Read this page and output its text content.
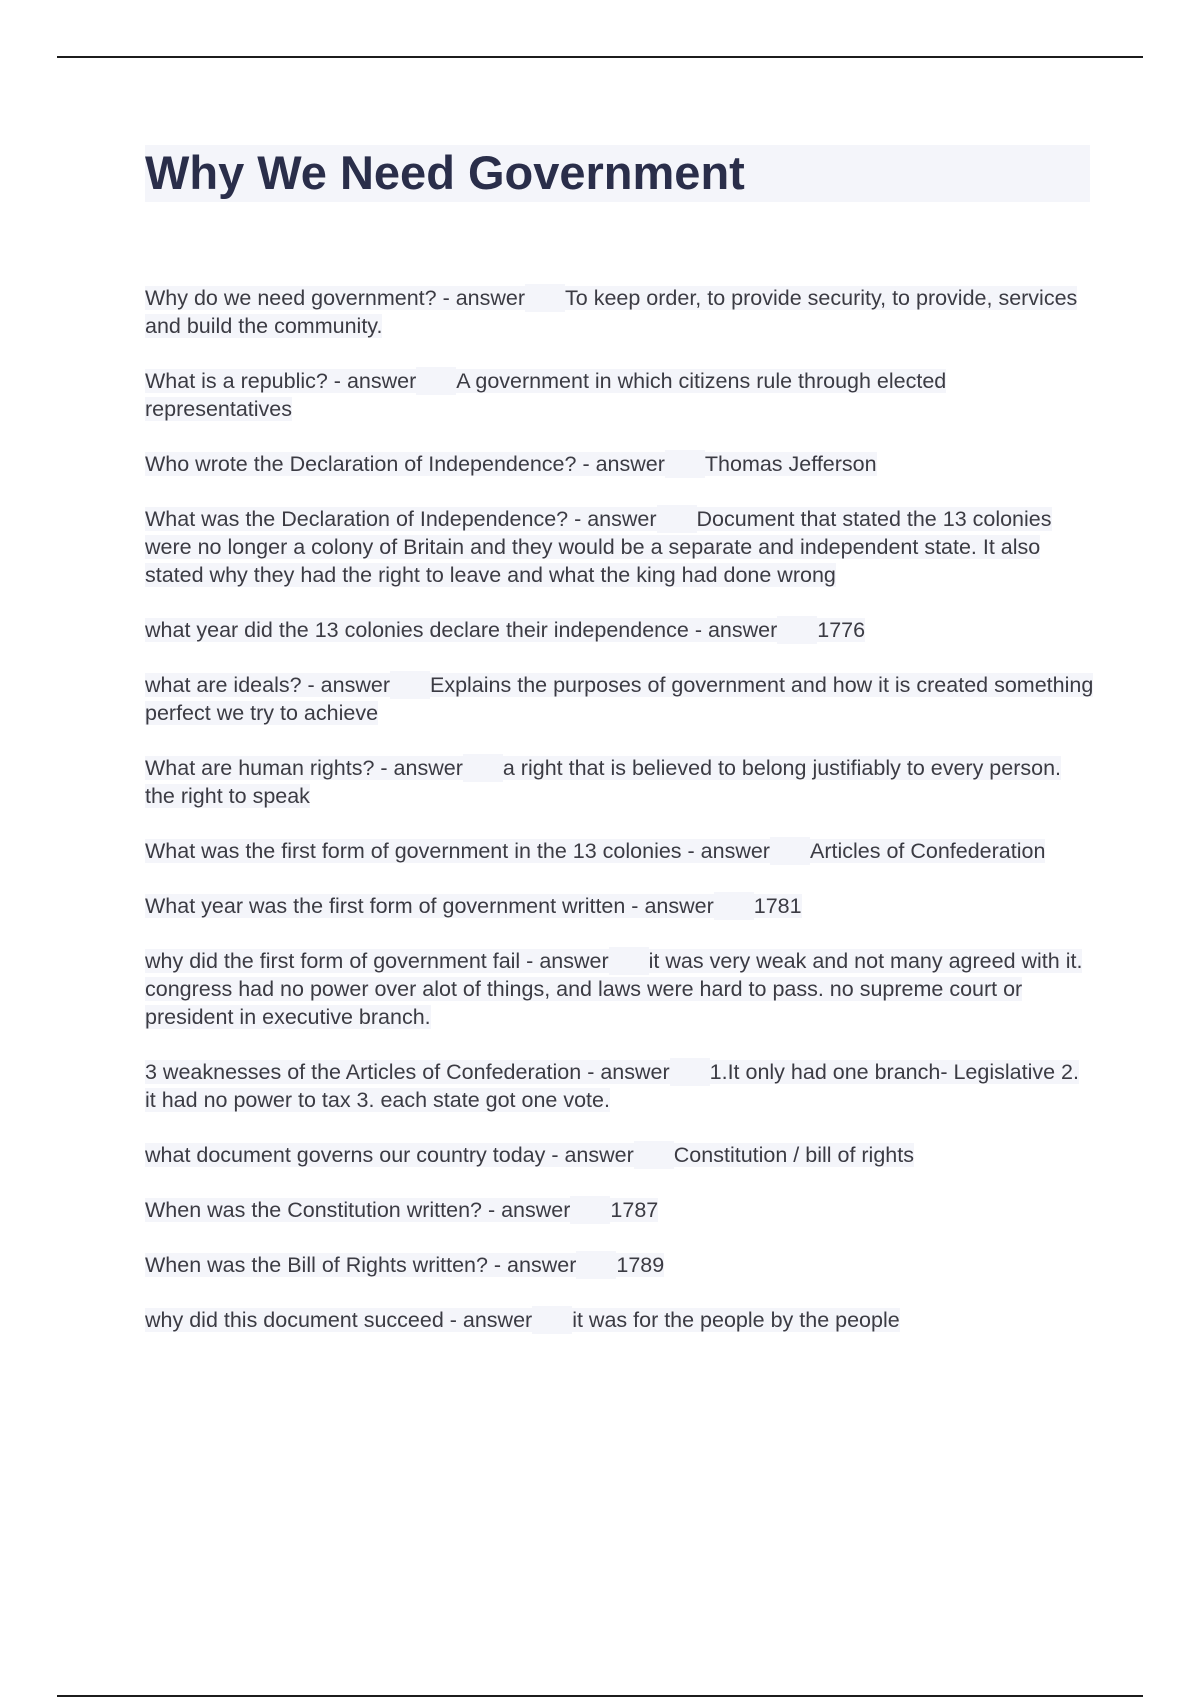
Why We Need Government
Why do we need government? - answer To keep order, to provide security, to provide, services and build the community.
What is a republic? - answer A government in which citizens rule through elected representatives
Who wrote the Declaration of Independence? - answer Thomas Jefferson
What was the Declaration of Independence? - answer Document that stated the 13 colonies were no longer a colony of Britain and they would be a separate and independent state. It also stated why they had the right to leave and what the king had done wrong
what year did the 13 colonies declare their independence - answer 1776
what are ideals? - answer Explains the purposes of government and how it is created something perfect we try to achieve
What are human rights? - answer a right that is believed to belong justifiably to every person. the right to speak
What was the first form of government in the 13 colonies - answer Articles of Confederation
What year was the first form of government written - answer 1781
why did the first form of government fail - answer it was very weak and not many agreed with it. congress had no power over alot of things, and laws were hard to pass. no supreme court or president in executive branch.
3 weaknesses of the Articles of Confederation - answer 1.It only had one branch- Legislative 2. it had no power to tax 3. each state got one vote.
what document governs our country today - answer Constitution / bill of rights
When was the Constitution written? - answer 1787
When was the Bill of Rights written? - answer 1789
why did this document succeed - answer it was for the people by the people
